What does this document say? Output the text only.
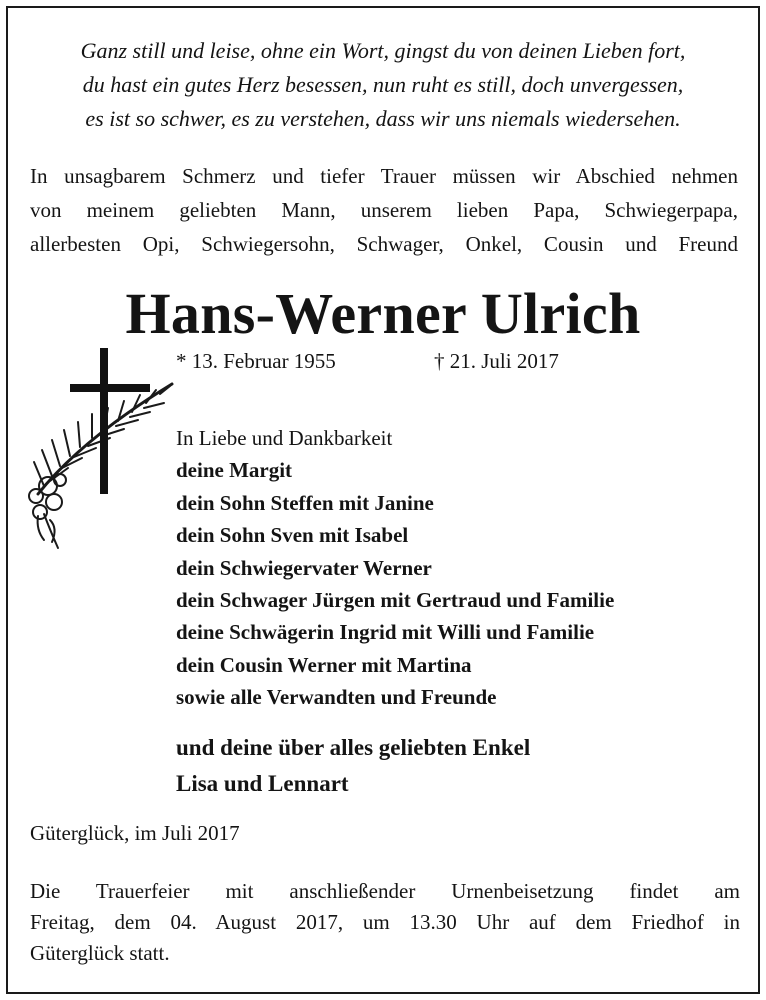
Ganz still und leise, ohne ein Wort, gingst du von deinen Lieben fort,
du hast ein gutes Herz besessen, nun ruht es still, doch unvergessen,
es ist so schwer, es zu verstehen, dass wir uns niemals wiedersehen.
In unsagbarem Schmerz und tiefer Trauer müssen wir Abschied nehmen
von meinem geliebten Mann, unserem lieben Papa, Schwiegerpapa,
allerbesten Opi, Schwiegersohn, Schwager, Onkel, Cousin und Freund
Hans-Werner Ulrich
* 13. Februar 1955	† 21. Juli 2017
In Liebe und Dankbarkeit
deine Margit
dein Sohn Steffen mit Janine
dein Sohn Sven mit Isabel
dein Schwiegervater Werner
dein Schwager Jürgen mit Gertraud und Familie
deine Schwägerin Ingrid mit Willi und Familie
dein Cousin Werner mit Martina
sowie alle Verwandten und Freunde
und deine über alles geliebten Enkel
Lisa und Lennart
Güterglück, im Juli 2017
Die Trauerfeier mit anschließender Urnenbeisetzung findet am
Freitag, dem 04. August 2017, um 13.30 Uhr auf dem Friedhof in
Güterglück statt.
